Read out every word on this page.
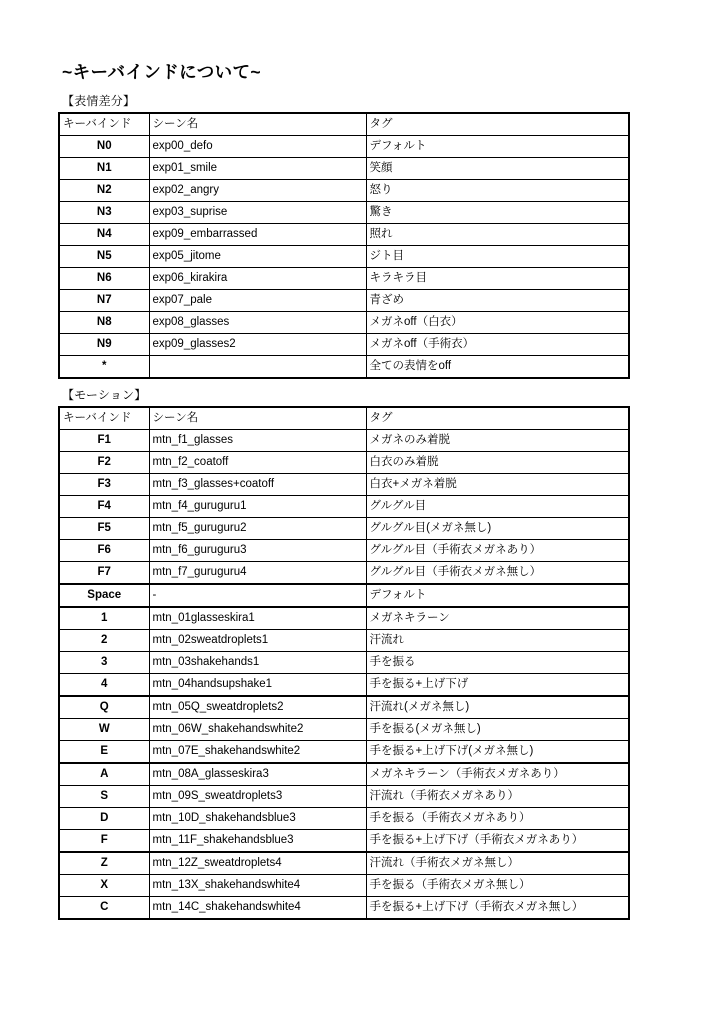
~キーバインドについて~
【表情差分】
キーバインド	シーン名	タグ
N0	exp00_defo	デフォルト
N1	exp01_smile	笑顔
N2	exp02_angry	怒り
N3	exp03_suprise	驚き
N4	exp09_embarrassed	照れ
N5	exp05_jitome	ジト目
N6	exp06_kirakira	キラキラ目
N7	exp07_pale	青ざめ
N8	exp08_glasses	メガネoff（白衣）
N9	exp09_glasses2	メガネoff（手術衣）
*		全ての表情をoff
【モーション】
キーバインド	シーン名	タグ
F1	mtn_f1_glasses	メガネのみ着脱
F2	mtn_f2_coatoff	白衣のみ着脱
F3	mtn_f3_glasses+coatoff	白衣+メガネ着脱
F4	mtn_f4_guruguru1	グルグル目
F5	mtn_f5_guruguru2	グルグル目(メガネ無し)
F6	mtn_f6_guruguru3	グルグル目（手術衣メガネあり）
F7	mtn_f7_guruguru4	グルグル目（手術衣メガネ無し）
Space	-	デフォルト
1	mtn_01glasseskira1	メガネキラーン
2	mtn_02sweatdroplets1	汗流れ
3	mtn_03shakehands1	手を振る
4	mtn_04handsupshake1	手を振る+上げ下げ
Q	mtn_05Q_sweatdroplets2	汗流れ(メガネ無し)
W	mtn_06W_shakehandswhite2	手を振る(メガネ無し)
E	mtn_07E_shakehandswhite2	手を振る+上げ下げ(メガネ無し)
A	mtn_08A_glasseskira3	メガネキラーン（手術衣メガネあり）
S	mtn_09S_sweatdroplets3	汗流れ（手術衣メガネあり）
D	mtn_10D_shakehandsblue3	手を振る（手術衣メガネあり）
F	mtn_11F_shakehandsblue3	手を振る+上げ下げ（手術衣メガネあり）
Z	mtn_12Z_sweatdroplets4	汗流れ（手術衣メガネ無し）
X	mtn_13X_shakehandswhite4	手を振る（手術衣メガネ無し）
C	mtn_14C_shakehandswhite4	手を振る+上げ下げ（手術衣メガネ無し）
